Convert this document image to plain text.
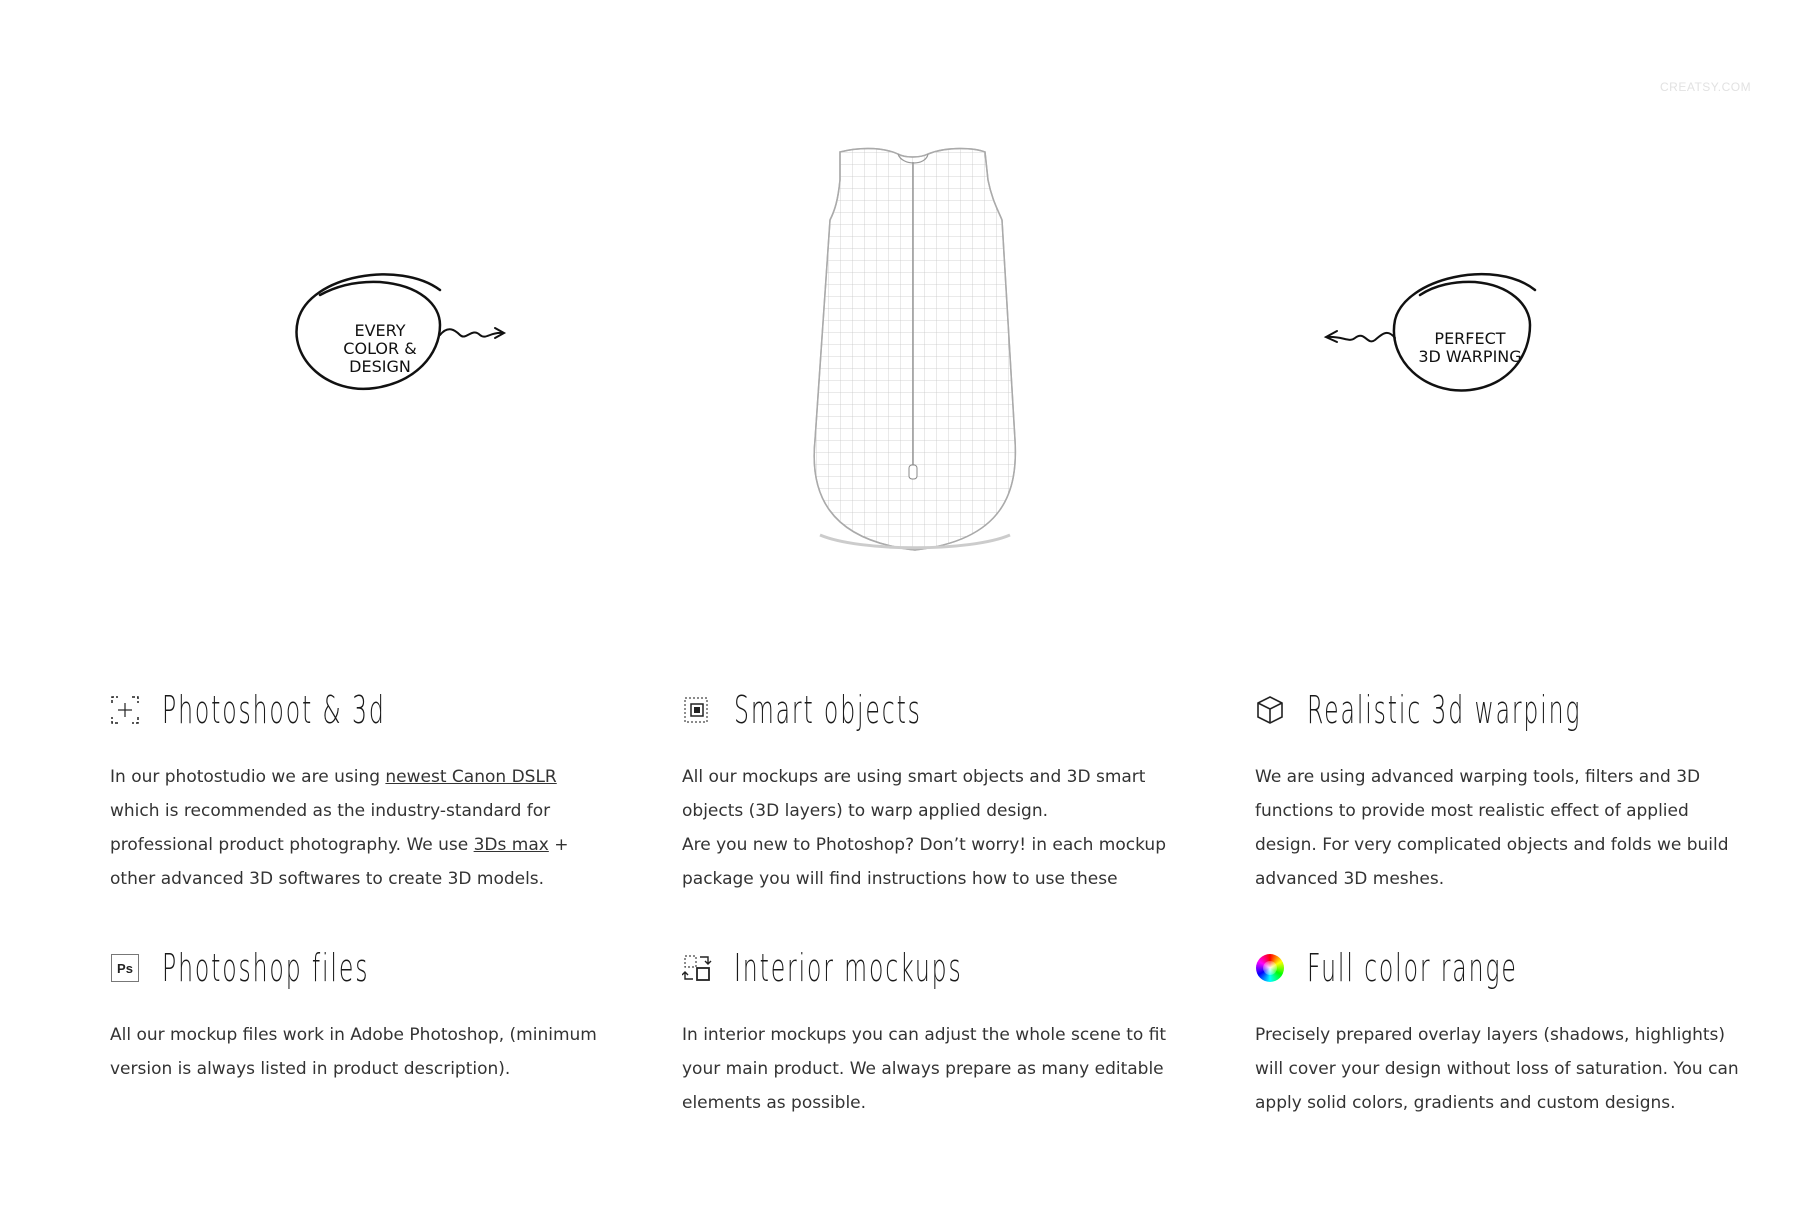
CREATSY.COM
EVERY
COLOR &
DESIGN
PERFECT
3D WARPING
Photoshoot & 3d
In our photostudio we are using newest Canon DSLR which is recommended as the industry-standard for professional product photography. We use 3Ds max + other advanced 3D softwares to create 3D models.
Smart objects
All our mockups are using smart objects and 3D smart objects (3D layers) to warp applied design.
Are you new to Photoshop? Don’t worry! in each mockup package you will find instructions how to use these
Realistic 3d warping
We are using advanced warping tools, filters and 3D functions to provide most realistic effect of applied design. For very complicated objects and folds we build advanced 3D meshes.
Ps Photoshop files
All our mockup files work in Adobe Photoshop, (minimum version is always listed in product description).
Interior mockups
In interior mockups you can adjust the whole scene to fit your main product. We always prepare as many editable elements as possible.
Full color range
Precisely prepared overlay layers (shadows, highlights) will cover your design without loss of saturation. You can apply solid colors, gradients and custom designs.
